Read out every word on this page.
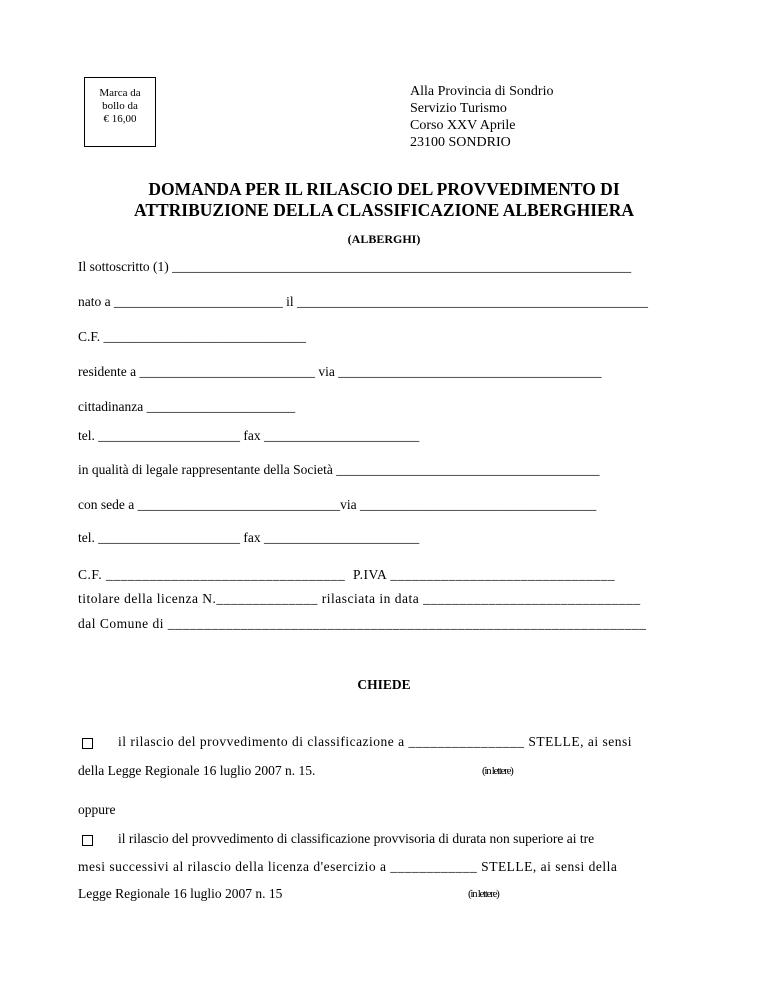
Marca da
bollo da
€ 16,00
Alla Provincia di Sondrio
Servizio Turismo
Corso XXV Aprile
23100 SONDRIO
DOMANDA PER IL RILASCIO DEL PROVVEDIMENTO DI
ATTRIBUZIONE DELLA CLASSIFICAZIONE ALBERGHIERA
(ALBERGHI)
Il sottoscritto (1) ____________________________________________________________________
nato a _________________________ il ____________________________________________________
C.F. ______________________________
residente a __________________________ via _______________________________________
cittadinanza ______________________
tel. _____________________ fax _______________________
in qualità di legale rappresentante della Società _______________________________________
con sede a ______________________________via ___________________________________
tel. _____________________ fax _______________________
C.F. _________________________________  P.IVA _______________________________
titolare della licenza N.______________ rilasciata in data ______________________________
dal Comune di __________________________________________________________________
CHIEDE
il rilascio del provvedimento di classificazione a ________________ STELLE, ai sensi
della Legge Regionale 16 luglio 2007 n. 15.	(in lettere)
oppure
il rilascio del provvedimento di classificazione provvisoria di durata non superiore ai tre
mesi successivi al rilascio della licenza d'esercizio a ____________ STELLE, ai sensi della
Legge Regionale 16 luglio 2007 n. 15	(in lettere)
